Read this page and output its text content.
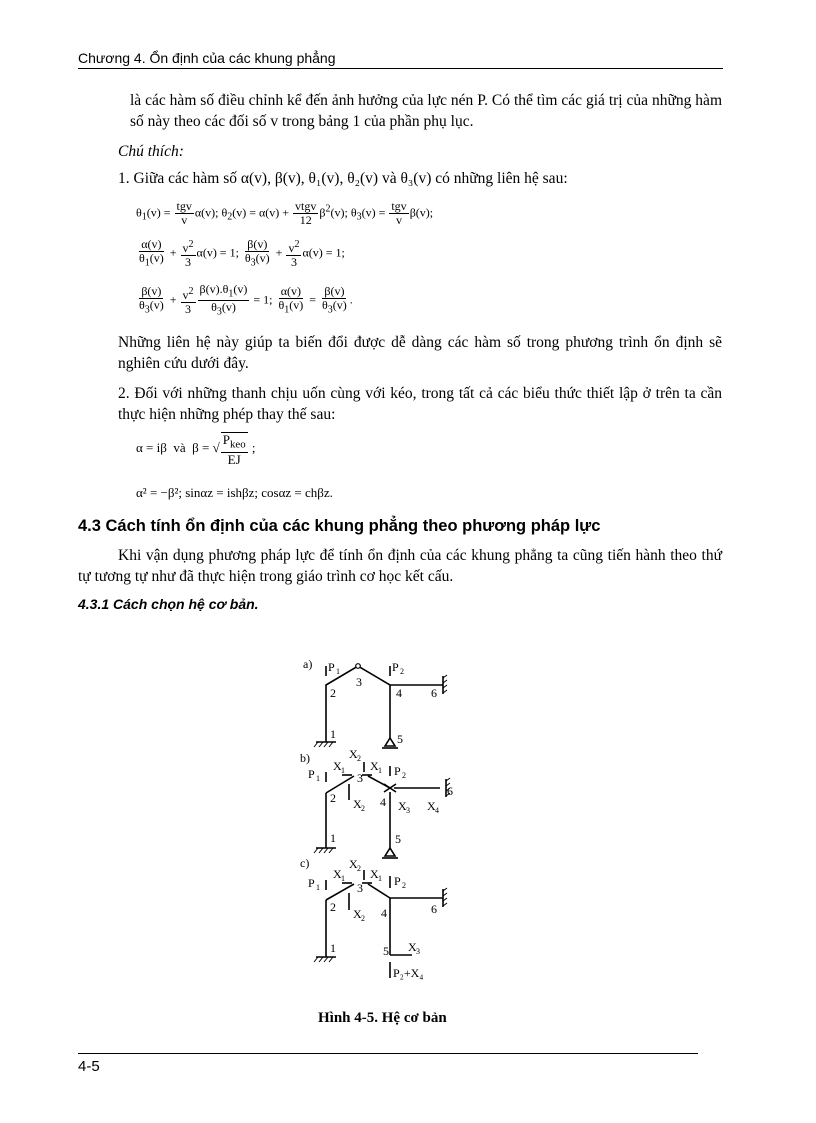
Chương 4. Ổn định của các khung phẳng
là các hàm số điều chỉnh kể đến ảnh hưởng của lực nén P. Có thể tìm các giá trị của những hàm số này theo các đối số v trong bảng 1 của phần phụ lục.
Chú thích:
1. Giữa các hàm số α(v), β(v), θ₁(v), θ₂(v) và θ₃(v) có những liên hệ sau:
$\theta_1(v) = \frac{\text{tgv}}{v} \alpha(v)$; $\theta_2(v) = \alpha(v) + \frac{\text{vtgv}}{12} \beta^2(v)$; $\theta_3(v) = \frac{\text{tgv}}{v} \beta(v)$;
$\frac{\alpha(v)}{\theta_1(v)} + \frac{v^2}{3} \alpha(v) = 1$; $\frac{\beta(v)}{\theta_3(v)} + \frac{v^2}{3} \alpha(v) = 1$;
$\frac{\beta(v)}{\theta_3(v)} + \frac{v^2}{3} \frac{\beta(v).\theta_1(v)}{\theta_3(v)} = 1$; $\frac{\alpha(v)}{\theta_1(v)} = \frac{\beta(v)}{\theta_3(v)}$ .
Những liên hệ này giúp ta biến đổi được dễ dàng các hàm số trong phương trình ổn định sẽ nghiên cứu dưới đây.
2. Đối với những thanh chịu uốn cùng với kéo, trong tất cả các biểu thức thiết lập ở trên ta cần thực hiện những phép thay thế sau:
α = iβ  và  β = √ $\frac{P_{keo}}{EJ}$ ;
α² = −β²; sinαz = ishβz; cosαz = chβz.
4.3 Cách tính ổn định của các khung phẳng theo phương pháp lực
Khi vận dụng phương pháp lực để tính ổn định của các khung phẳng ta cũng tiến hành theo thứ tự tương tự như đã thực hiện trong giáo trình cơ học kết cấu.
4.3.1 Cách chọn hệ cơ bản.
a) P 1	P 2
2
3
4 6
1	5
b)	X 2
P 1
X 1 X 1 P 2
3
2 X 2 4 X 3 X 4
6
1	5
c)	X 2
P 1
X 1 X 1 P 2
3
2 X 2 4	6
1	5 X 3
P₂+X₄
Hình 4-5. Hệ cơ bản
4-5
